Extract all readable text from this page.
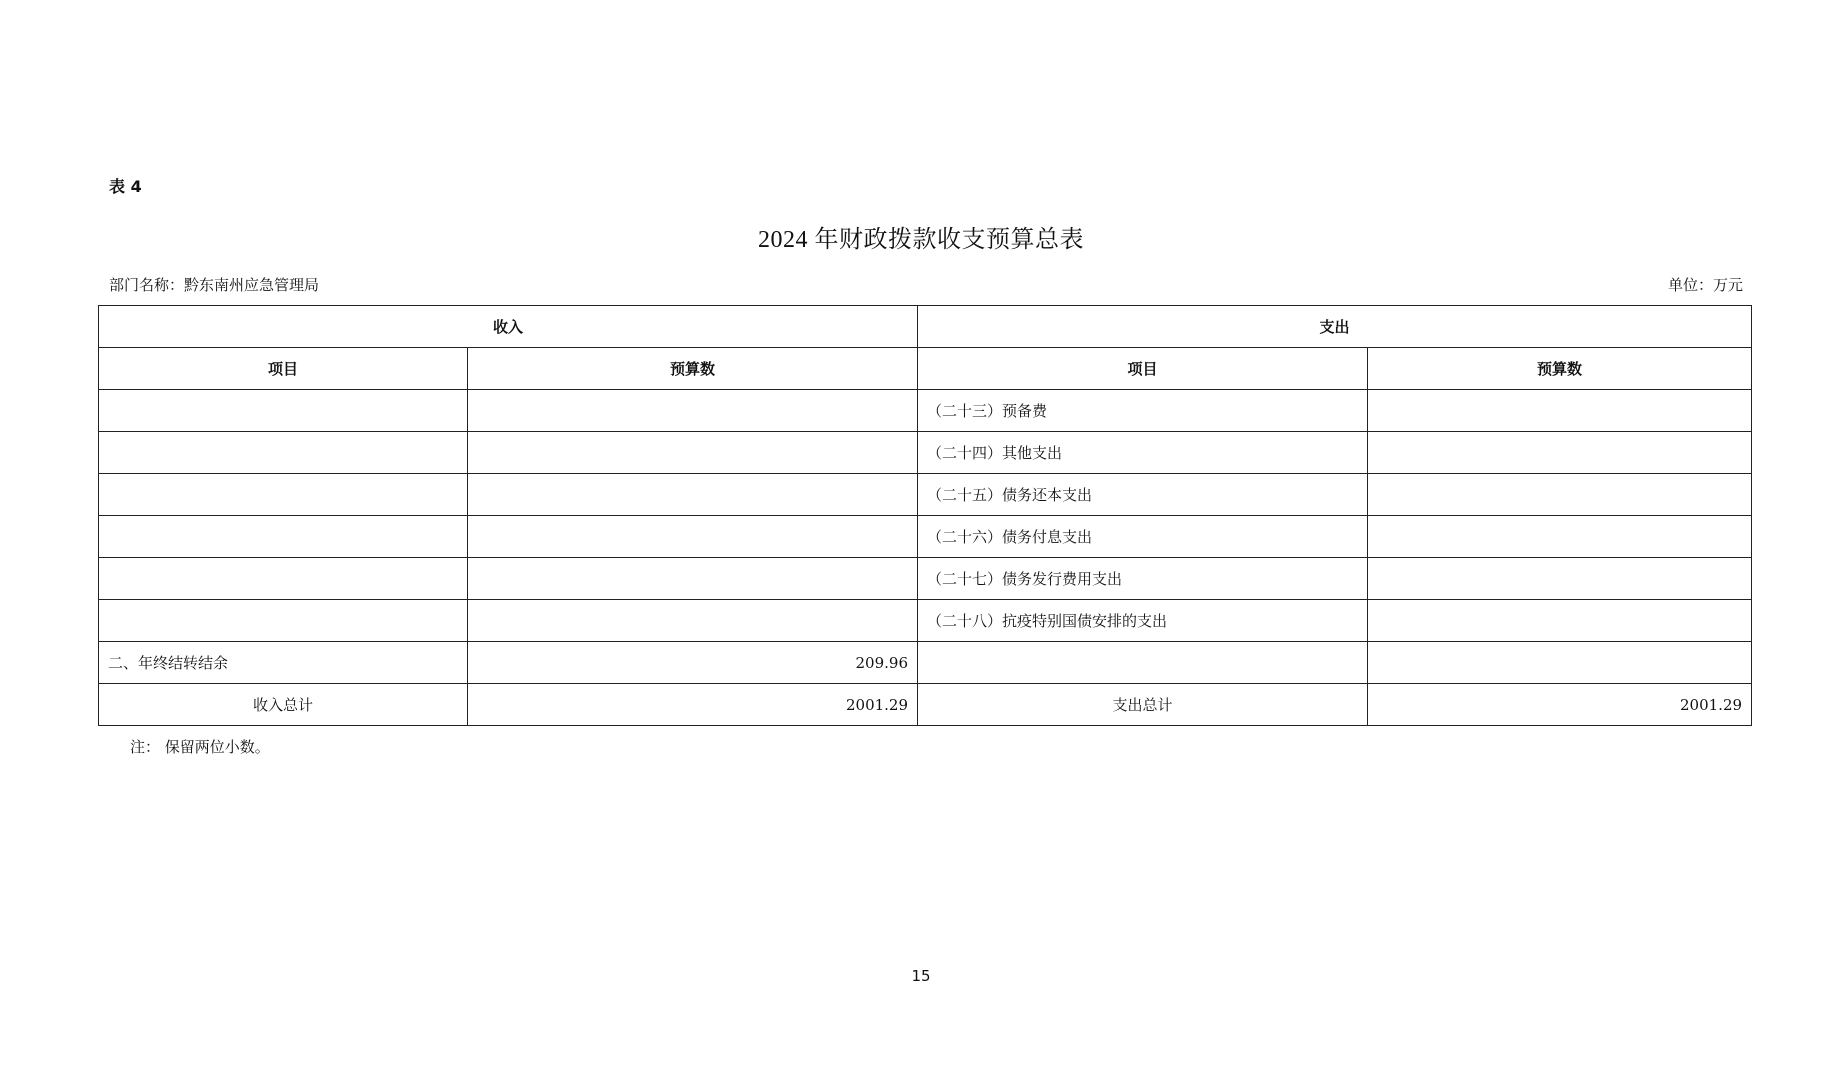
表 4
2024 年财政拨款收支预算总表
部门名称：黔东南州应急管理局	单位：万元
收入		支出	
项目	预算数	项目	预算数
		（二十三）预备费	
		（二十四）其他支出	
		（二十五）债务还本支出	
		（二十六）债务付息支出	
		（二十七）债务发行费用支出	
		（二十八）抗疫特别国债安排的支出	
二、年终结转结余	209.96		
收入总计	2001.29	支出总计	2001.29
注： 保留两位小数。
15
